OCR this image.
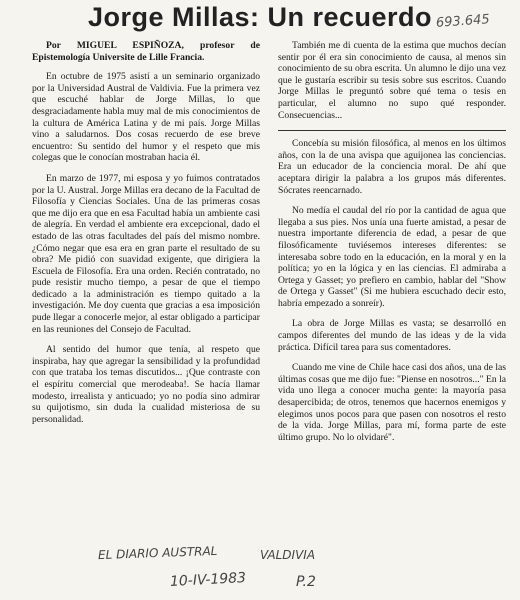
Jorge Millas: Un recuerdo 693.645

Por MIGUEL ESPIÑOZA, profesor de Epistemología Universite de Lille Francia.

En octubre de 1975 asistí a un seminario organizado por la Universidad Austral de Valdivia. Fue la primera vez que escuché hablar de Jorge Millas, lo que desgraciadamente habla muy mal de mis conocimientos de la cultura de América Latina y de mi país. Jorge Millas vino a saludarnos. Dos cosas recuerdo de ese breve encuentro: Su sentido del humor y el respeto que mis colegas que le conocían mostraban hacia él.

En marzo de 1977, mi esposa y yo fuimos contratados por la U. Austral. Jorge Millas era decano de la Facultad de Filosofía y Ciencias Sociales. Una de las primeras cosas que me dijo era que en esa Facultad había un ambiente casi de alegría. En verdad el ambiente era excepcional, dado el estado de las otras facultades del país del mismo nombre. ¿Cómo negar que esa era en gran parte el resultado de su obra? Me pidió con suavidad exigente, que dirigiera la Escuela de Filosofía. Era una orden. Recién contratado, no pude resistir mucho tiempo, a pesar de que el tiempo dedicado a la administración es tiempo quitado a la investigación. Me doy cuenta que gracias a esa imposición pude llegar a conocerle mejor, al estar obligado a participar en las reuniones del Consejo de Facultad.

Al sentido del humor que tenía, al respeto que inspiraba, hay que agregar la sensibilidad y la profundidad con que trataba los temas discutidos... ¡Que contraste con el espíritu comercial que merodeaba!. Se hacía llamar modesto, irrealista y anticuado; yo no podía sino admirar su quijotismo, sin duda la cualidad misteriosa de su personalidad.

También me di cuenta de la estima que muchos decían sentir por él era sin conocimiento de causa, al menos sin conocimiento de su obra escrita. Un alumno le dijo una vez que le gustaría escribir su tesis sobre sus escritos. Cuando Jorge Millas le preguntó sobre qué tema o tesis en particular, el alumno no supo qué responder. Consecuencias...

Concebía su misión filosófica, al menos en los últimos años, con la de una avispa que aguijonea las conciencias. Era un educador de la conciencia moral. De ahí que aceptara dirigir la palabra a los grupos más diferentes. Sócrates reencarnado.

No medía el caudal del río por la cantidad de agua que llegaba a sus pies. Nos unía una fuerte amistad, a pesar de nuestra importante diferencia de edad, a pesar de que filosóficamente tuviésemos intereses diferentes: se interesaba sobre todo en la educación, en la moral y en la política; yo en la lógica y en las ciencias. El admiraba a Ortega y Gasset; yo prefiero en cambio, hablar del "Show de Ortega y Gasset" (Si me hubiera escuchado decir esto, habría empezado a sonreír).

La obra de Jorge Millas es vasta; se desarrolló en campos diferentes del mundo de las ideas y de la vida práctica. Difícil tarea para sus comentadores.

Cuando me vine de Chile hace casi dos años, una de las últimas cosas que me dijo fue: "Piense en nosotros..." En la vida uno llega a conocer mucha gente: la mayoría pasa desapercibida; de otros, tenemos que hacernos enemigos y elegimos unos pocos para que pasen con nosotros el resto de la vida. Jorge Millas, para mí, forma parte de este último grupo. No lo olvidaré".

EL DIARIO AUSTRAL	VALDIVIA
10-IV-1983	P.2
